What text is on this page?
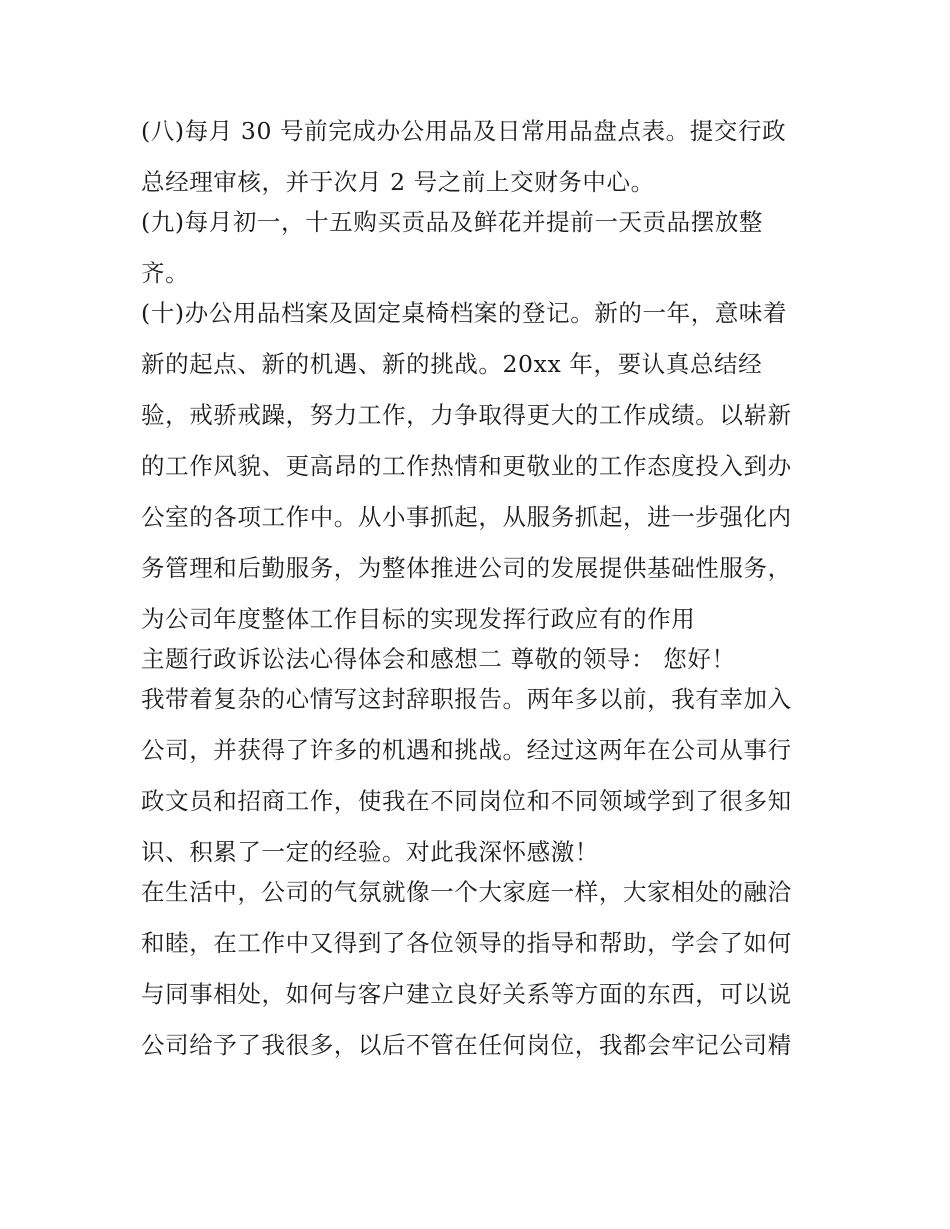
(八)每月 30 号前完成办公用品及日常用品盘点表。提交行政
总经理审核，并于次月 2 号之前上交财务中心。
(九)每月初一，十五购买贡品及鲜花并提前一天贡品摆放整
齐。
(十)办公用品档案及固定桌椅档案的登记。新的一年，意味着
新的起点、新的机遇、新的挑战。20xx 年，要认真总结经
验，戒骄戒躁，努力工作，力争取得更大的工作成绩。以崭新
的工作风貌、更高昂的工作热情和更敬业的工作态度投入到办
公室的各项工作中。从小事抓起，从服务抓起，进一步强化内
务管理和后勤服务，为整体推进公司的发展提供基础性服务，
为公司年度整体工作目标的实现发挥行政应有的作用
主题行政诉讼法心得体会和感想二 尊敬的领导： 您好！
我带着复杂的心情写这封辞职报告。两年多以前，我有幸加入
公司，并获得了许多的机遇和挑战。经过这两年在公司从事行
政文员和招商工作，使我在不同岗位和不同领域学到了很多知
识、积累了一定的经验。对此我深怀感激！
在生活中，公司的气氛就像一个大家庭一样，大家相处的融洽
和睦，在工作中又得到了各位领导的指导和帮助，学会了如何
与同事相处，如何与客户建立良好关系等方面的东西，可以说
公司给予了我很多，以后不管在任何岗位，我都会牢记公司精
